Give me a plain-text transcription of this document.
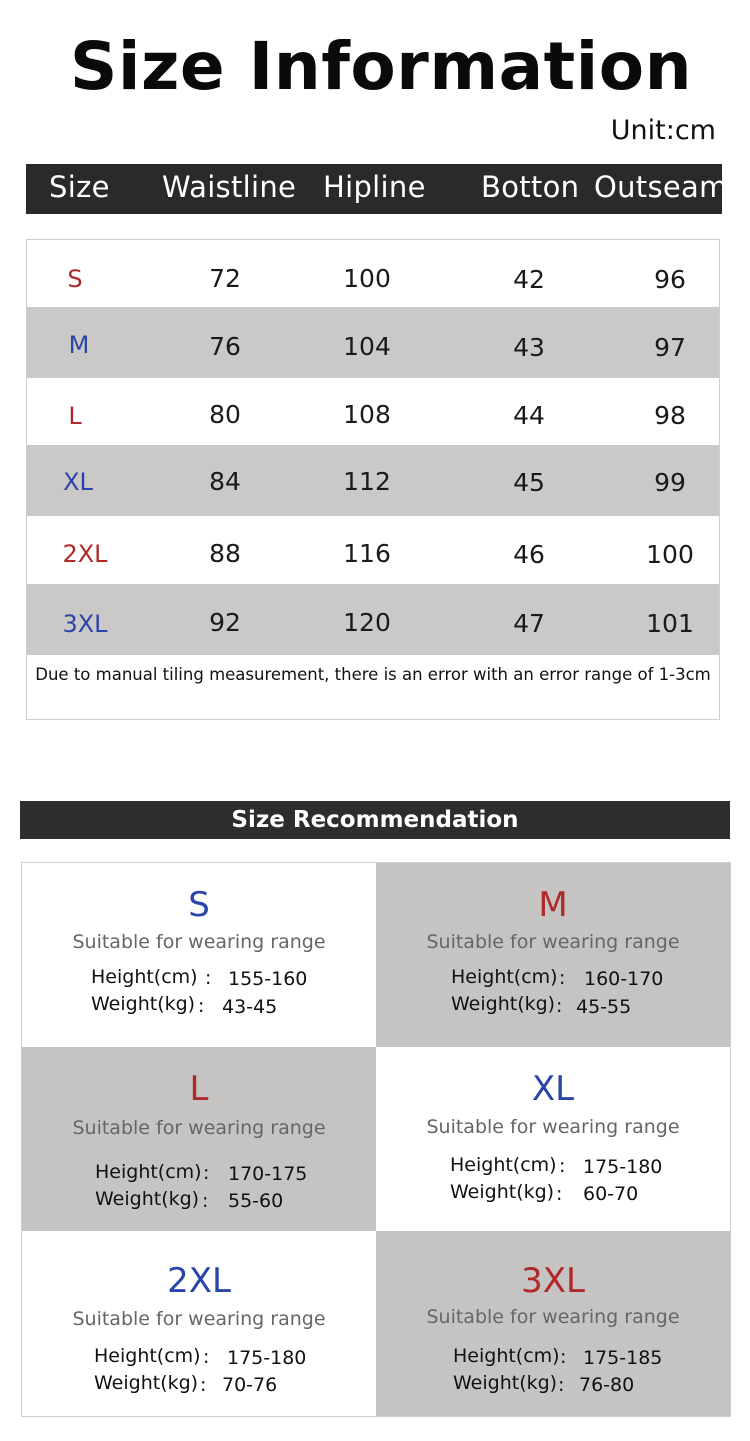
Size Information
Unit:cm
Size Waistline Hipline Botton Outseam
S	72	100	42	96
M	76	104	43	97
L	80	108	44	98
XL	84	112	45	99
2XL	88	116	46	100
3XL	92	120	47	101
Due to manual tiling measurement, there is an error with an error range of 1-3cm
Size Recommendation
S
Suitable for wearing range
Height(cm) : 155-160
Weight(kg) : 43-45
M
Suitable for wearing range
Height(cm) : 160-170
Weight(kg) : 45-55
L
Suitable for wearing range
Height(cm) : 170-175
Weight(kg) : 55-60
XL
Suitable for wearing range
Height(cm) : 175-180
Weight(kg) : 60-70
2XL
Suitable for wearing range
Height(cm) : 175-180
Weight(kg) : 70-76
3XL
Suitable for wearing range
Height(cm) : 175-185
Weight(kg) : 76-80
